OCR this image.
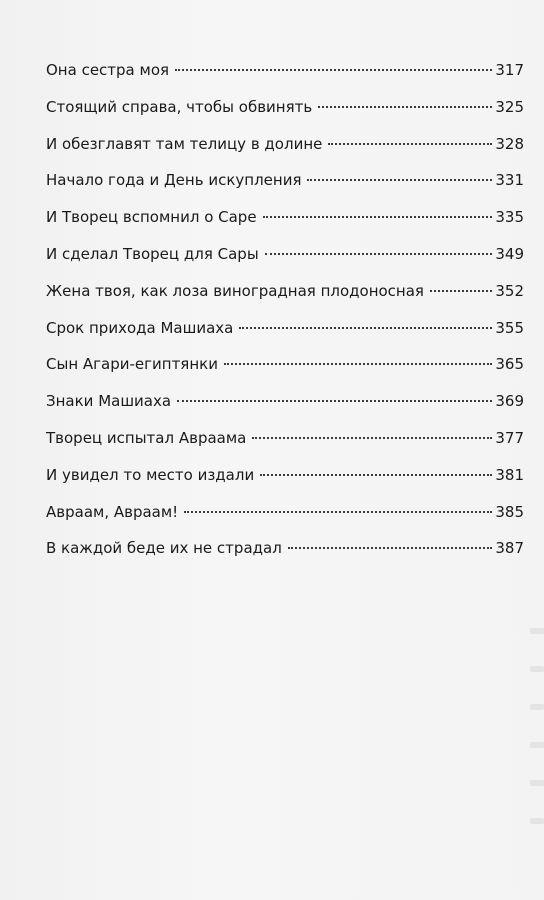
Она сестра моя	317
Стоящий справа, чтобы обвинять	325
И обезглавят там телицу в долине	328
Начало года и День искупления	331
И Творец вспомнил о Саре	335
И сделал Творец для Сары	349
Жена твоя, как лоза виноградная плодоносная	352
Срок прихода Машиаха	355
Сын Агари-египтянки	365
Знаки Машиаха	369
Творец испытал Авраама	377
И увидел то место издали	381
Авраам, Авраам!	385
В каждой беде их не страдал	387
